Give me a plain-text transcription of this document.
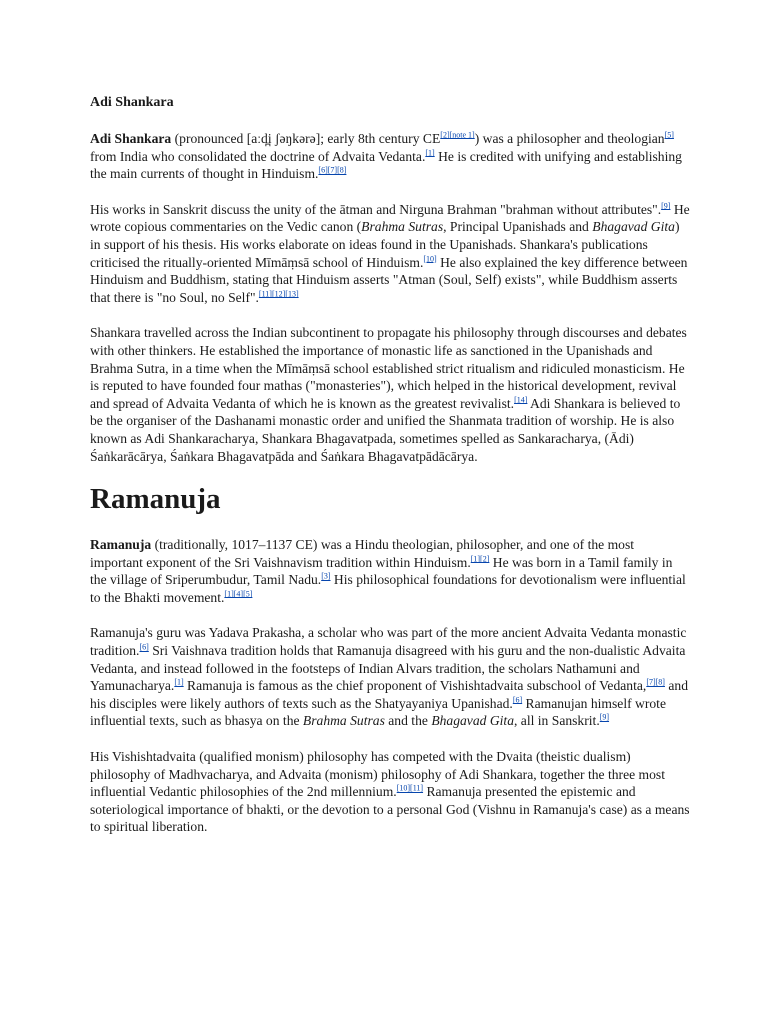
Adi Shankara

Adi Shankara (pronounced [aːd̪i ʃəŋkərə]; early 8th century CE[2][note 1]) was a philosopher and theologian[5] from India who consolidated the doctrine of Advaita Vedanta.[1] He is credited with unifying and establishing the main currents of thought in Hinduism.[6][7][8]

His works in Sanskrit discuss the unity of the ātman and Nirguna Brahman "brahman without attributes".[9] He wrote copious commentaries on the Vedic canon (Brahma Sutras, Principal Upanishads and Bhagavad Gita) in support of his thesis. His works elaborate on ideas found in the Upanishads. Shankara's publications criticised the ritually-oriented Mīmāṃsā school of Hinduism.[10] He also explained the key difference between Hinduism and Buddhism, stating that Hinduism asserts "Atman (Soul, Self) exists", while Buddhism asserts that there is "no Soul, no Self".[11][12][13]

Shankara travelled across the Indian subcontinent to propagate his philosophy through discourses and debates with other thinkers. He established the importance of monastic life as sanctioned in the Upanishads and Brahma Sutra, in a time when the Mīmāṃsā school established strict ritualism and ridiculed monasticism. He is reputed to have founded four mathas ("monasteries"), which helped in the historical development, revival and spread of Advaita Vedanta of which he is known as the greatest revivalist.[14] Adi Shankara is believed to be the organiser of the Dashanami monastic order and unified the Shanmata tradition of worship. He is also known as Adi Shankaracharya, Shankara Bhagavatpada, sometimes spelled as Sankaracharya, (Ādi) Śaṅkarācārya, Śaṅkara Bhagavatpāda and Śaṅkara Bhagavatpādācārya.

Ramanuja

Ramanuja (traditionally, 1017–1137 CE) was a Hindu theologian, philosopher, and one of the most important exponent of the Sri Vaishnavism tradition within Hinduism.[1][2] He was born in a Tamil family in the village of Sriperumbudur, Tamil Nadu.[3] His philosophical foundations for devotionalism were influential to the Bhakti movement.[1][4][5]

Ramanuja's guru was Yadava Prakasha, a scholar who was part of the more ancient Advaita Vedanta monastic tradition.[6] Sri Vaishnava tradition holds that Ramanuja disagreed with his guru and the non-dualistic Advaita Vedanta, and instead followed in the footsteps of Indian Alvars tradition, the scholars Nathamuni and Yamunacharya.[1] Ramanuja is famous as the chief proponent of Vishishtadvaita subschool of Vedanta,[7][8] and his disciples were likely authors of texts such as the Shatyayaniya Upanishad.[6] Ramanujan himself wrote influential texts, such as bhasya on the Brahma Sutras and the Bhagavad Gita, all in Sanskrit.[9]

His Vishishtadvaita (qualified monism) philosophy has competed with the Dvaita (theistic dualism) philosophy of Madhvacharya, and Advaita (monism) philosophy of Adi Shankara, together the three most influential Vedantic philosophies of the 2nd millennium.[10][11] Ramanuja presented the epistemic and soteriological importance of bhakti, or the devotion to a personal God (Vishnu in Ramanuja's case) as a means to spiritual liberation.
